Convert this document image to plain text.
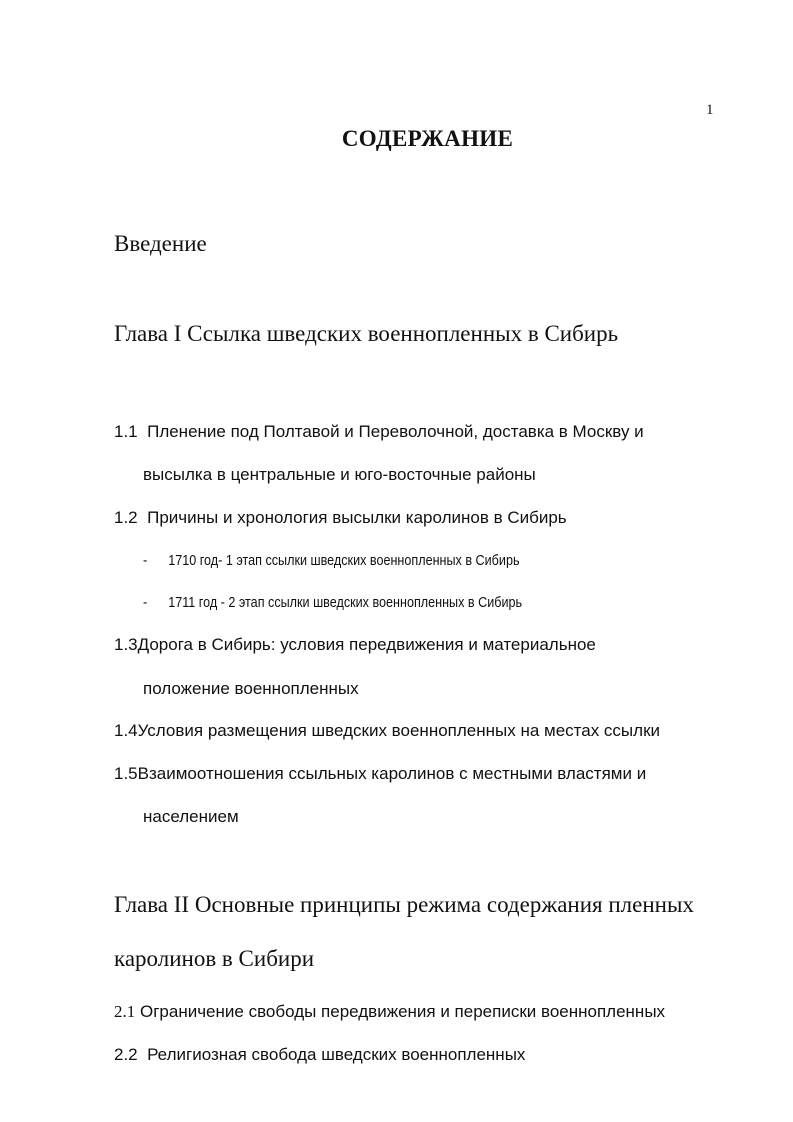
1
СОДЕРЖАНИЕ
Введение
Глава I Ссылка шведских военнопленных в Сибирь
1.1 Пленение под Полтавой и Переволочной, доставка в Москву и
высылка в центральные и юго-восточные районы
1.2 Причины и хронология высылки каролинов в Сибирь
- 1710 год- 1 этап ссылки шведских военнопленных в Сибирь
- 1711 год - 2 этап ссылки шведских военнопленных в Сибирь
1.3Дорога в Сибирь: условия передвижения и материальное
положение военнопленных
1.4Условия размещения шведских военнопленных на местах ссылки
1.5Взаимоотношения ссыльных каролинов с местными властями и
населением
Глава II Основные принципы режима содержания пленных
каролинов в Сибири
2.1 Ограничение свободы передвижения и переписки военнопленных
2.2 Религиозная свобода шведских военнопленных
